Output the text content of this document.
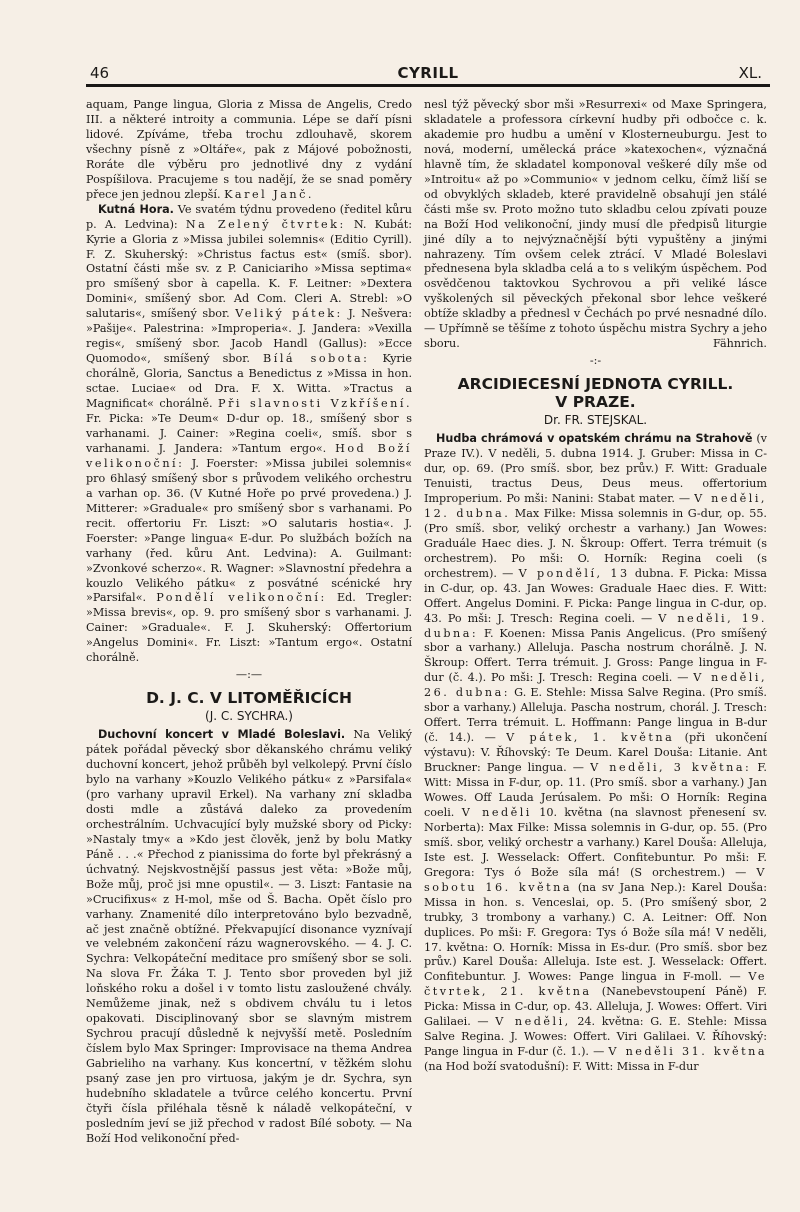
46	CYRILL	XL.

aquam, Pange lingua, Gloria z Missa de Angelis, Credo III. a některé introity a communia. Lépe se daří písni lidové. Zpíváme, třeba trochu zdlouhavě, skorem všechny písně z »Oltáře«, pak z Májové pobožnosti, Roráte dle výběru pro jednotlivé dny z vydání Pospíšilova. Pracujeme s tou nadějí, že se snad poměry přece jen jednou zlepší. Karel Janč.

Kutná Hora. Ve svatém týdnu provedeno (ředitel kůru p. A. Ledvina): Na Zelený čtvrtek: N. Kubát: Kyrie a Gloria z »Missa jubilei solemnis« (Editio Cyrill). F. Z. Skuherský: »Christus factus est« (smíš. sbor). Ostatní části mše sv. z P. Caniciariho »Missa septima« pro smíšený sbor à capella. K. F. Leitner: »Dextera Domini«, smíšený sbor. Ad Com. Cleri A. Strebl: »O salutaris«, smíšený sbor. Veliký pátek: J. Nešvera: »Pašije«. Palestrina: »Improperia«. J. Jandera: »Vexilla regis«, smíšený sbor. Jacob Handl (Gallus): »Ecce Quomodo«, smíšený sbor. Bílá sobota: Kyrie chorálně, Gloria, Sanctus a Benedictus z »Missa in hon. sctae. Luciae« od Dra. F. X. Witta. »Tractus a Magnificat« chorálně. Při slavnosti Vzkříšení. Fr. Picka: »Te Deum« D-dur op. 18., smíšený sbor s varhanami. J. Cainer: »Regina coeli«, smíš. sbor s varhanami. J. Jandera: »Tantum ergo«. Hod Boží velikonoční: J. Foerster: »Missa jubilei solemnis« pro 6hlasý smíšený sbor s průvodem velikého orchestru a varhan op. 36. (V Kutné Hoře po prvé provedena.) J. Mitterer: »Graduale« pro smíšený sbor s varhanami. Po recit. offertoriu Fr. Liszt: »O salutaris hostia«. J. Foerster: »Pange lingua« E-dur. Po službách božích na varhany (řed. kůru Ant. Ledvina): A. Guilmant: »Zvonkové scherzo«. R. Wagner: »Slavnostní předehra a kouzlo Velikého pátku« z posvátné scénické hry »Parsifal«. Pondělí velikonoční: Ed. Tregler: »Missa brevis«, op. 9. pro smíšený sbor s varhanami. J. Cainer: »Graduale«. F. J. Skuherský: Offertorium »Angelus Domini«. Fr. Liszt: »Tantum ergo«. Ostatní chorálně.

—:—
D. J. C. V LITOMĚŘICÍCH
(J. C. SYCHRA.)

Duchovní koncert v Mladé Boleslavi. Na Veliký pátek pořádal pěvecký sbor děkanského chrámu veliký duchovní koncert, jehož průběh byl velkolepý. První číslo bylo na varhany »Kouzlo Velikého pátku« z »Parsifala« (pro varhany upravil Erkel). Na varhany zní skladba dosti mdle a zůstává daleko za provedením orchestrálním. Uchvacující byly mužské sbory od Picky: »Nastaly tmy« a »Kdo jest člověk, jenž by bolu Matky Páně . . .« Přechod z pianissima do forte byl překrásný a úchvatný. Nejskvostnější passus jest věta: »Bože můj, Bože můj, proč jsi mne opustil«. — 3. Liszt: Fantasie na »Crucifixus« z H-mol, mše od Š. Bacha. Opět číslo pro varhany. Znamenité dílo interpretováno bylo bezvadně, ač jest značně obtížné. Překvapující disonance vyznívají ve velebném zakončení rázu wagnerovského. — 4. J. C. Sychra: Velkopáteční meditace pro smíšený sbor se soli. Na slova Fr. Žáka T. J. Tento sbor proveden byl již loňského roku a došel i v tomto listu zasloužené chvály. Nemůžeme jinak, než s obdivem chválu tu i letos opakovati. Disciplinovaný sbor se slavným mistrem Sychrou pracují důsledně k nejvyšší metě. Posledním číslem bylo Max Springer: Improvisace na thema Andrea Gabrieliho na varhany. Kus koncertní, v těžkém slohu psaný zase jen pro virtuosa, jakým je dr. Sychra, syn hudebního skladatele a tvůrce celého koncertu. První čtyři čísla přiléhala těsně k náladě velkopáteční, v posledním jeví se již přechod v radost Bílé soboty. — Na Boží Hod velikonoční před-

nesl týž pěvecký sbor mši »Resurrexi« od Maxe Springera, skladatele a professora církevní hudby při odbočce c. k. akademie pro hudbu a umění v Klosterneuburgu. Jest to nová, moderní, umělecká práce »katexochen«, význačná hlavně tím, že skladatel komponoval veškeré díly mše od »Introitu« až po »Communio« v jednom celku, čímž liší se od obvyklých skladeb, které pravidelně obsahují jen stálé části mše sv. Proto možno tuto skladbu celou zpívati pouze na Boží Hod velikonoční, jindy musí dle předpisů liturgie jiné díly a to nejvýznačnější býti vypuštěny a jinými nahrazeny. Tím ovšem celek ztrácí. V Mladé Boleslavi přednesena byla skladba celá a to s velikým úspěchem. Pod osvědčenou taktovkou Sychrovou a při veliké lásce vyškolených sil pěveckých překonal sbor lehce veškeré obtíže skladby a přednesl v Čechách po prvé nesnadné dílo. — Upřímně se těšíme z tohoto úspěchu mistra Sychry a jeho sboru.	Fähnrich.

-:-
ARCIDIECESNÍ JEDNOTA CYRILL.
V PRAZE.
Dr. FR. STEJSKAL.

Hudba chrámová v opatském chrámu na Strahově (v Praze IV.). V neděli, 5. dubna 1914. J. Gruber: Missa in C-dur, op. 69. (Pro smíš. sbor, bez prův.) F. Witt: Graduale Tenuisti, tractus Deus, Deus meus. offertorium Improperium. Po mši: Nanini: Stabat mater. — V neděli, 12. dubna. Max Filke: Missa solemnis in G-dur, op. 55. (Pro smíš. sbor, veliký orchestr a varhany.) Jan Wowes: Graduále Haec dies. J. N. Škroup: Offert. Terra trémuit (s orchestrem). Po mši: O. Horník: Regina coeli (s orchestrem). — V pondělí, 13 dubna. F. Picka: Missa in C-dur, op. 43. Jan Wowes: Graduale Haec dies. F. Witt: Offert. Angelus Domini. F. Picka: Pange lingua in C-dur, op. 43. Po mši: J. Tresch: Regina coeli. — V neděli, 19. dubna: F. Koenen: Missa Panis Angelicus. (Pro smíšený sbor a varhany.) Alleluja. Pascha nostrum chorálně. J. N. Škroup: Offert. Terra trémuit. J. Gross: Pange lingua in F-dur (č. 4.). Po mši: J. Tresch: Regina coeli. — V neděli, 26. dubna: G. E. Stehle: Missa Salve Regina. (Pro smíš. sbor a varhany.) Alleluja. Pascha nostrum, chorál. J. Tresch: Offert. Terra trémuit. L. Hoffmann: Pange lingua in B-dur (č. 14.). — V pátek, 1. května (při ukončení výstavu): V. Říhovský: Te Deum. Karel Douša: Litanie. Ant Bruckner: Pange lingua. — V neděli, 3 května: F. Witt: Missa in F-dur, op. 11. (Pro smíš. sbor a varhany.) Jan Wowes. Off Lauda Jerúsalem. Po mši: O Horník: Regina coeli. V neděli 10. května (na slavnost přenesení sv. Norberta): Max Filke: Missa solemnis in G-dur, op. 55. (Pro smíš. sbor, veliký orchestr a varhany.) Karel Douša: Alleluja, Iste est. J. Wesselack: Offert. Confitebuntur. Po mši: F. Gregora: Tys ó Bože síla má! (S orchestrem.) — V sobotu 16. května (na sv Jana Nep.): Karel Douša: Missa in hon. s. Venceslai, op. 5. (Pro smíšený sbor, 2 trubky, 3 trombony a varhany.) C. A. Leitner: Off. Non duplices. Po mši: F. Gregora: Tys ó Bože síla má! V neděli, 17. května: O. Horník: Missa in Es-dur. (Pro smíš. sbor bez prův.) Karel Douša: Alleluja. Iste est. J. Wesselack: Offert. Confitebuntur. J. Wowes: Pange lingua in F-moll. — Ve čtvrtek, 21. května (Nanebevstoupení Páně) F. Picka: Missa in C-dur, op. 43. Alleluja, J. Wowes: Offert. Viri Galilaei. — V neděli, 24. května: G. E. Stehle: Missa Salve Regina. J. Wowes: Offert. Viri Galilaei. V. Říhovský: Pange lingua in F-dur (č. 1.). — V neděli 31. května (na Hod boží svatodušní): F. Witt: Missa in F-dur
